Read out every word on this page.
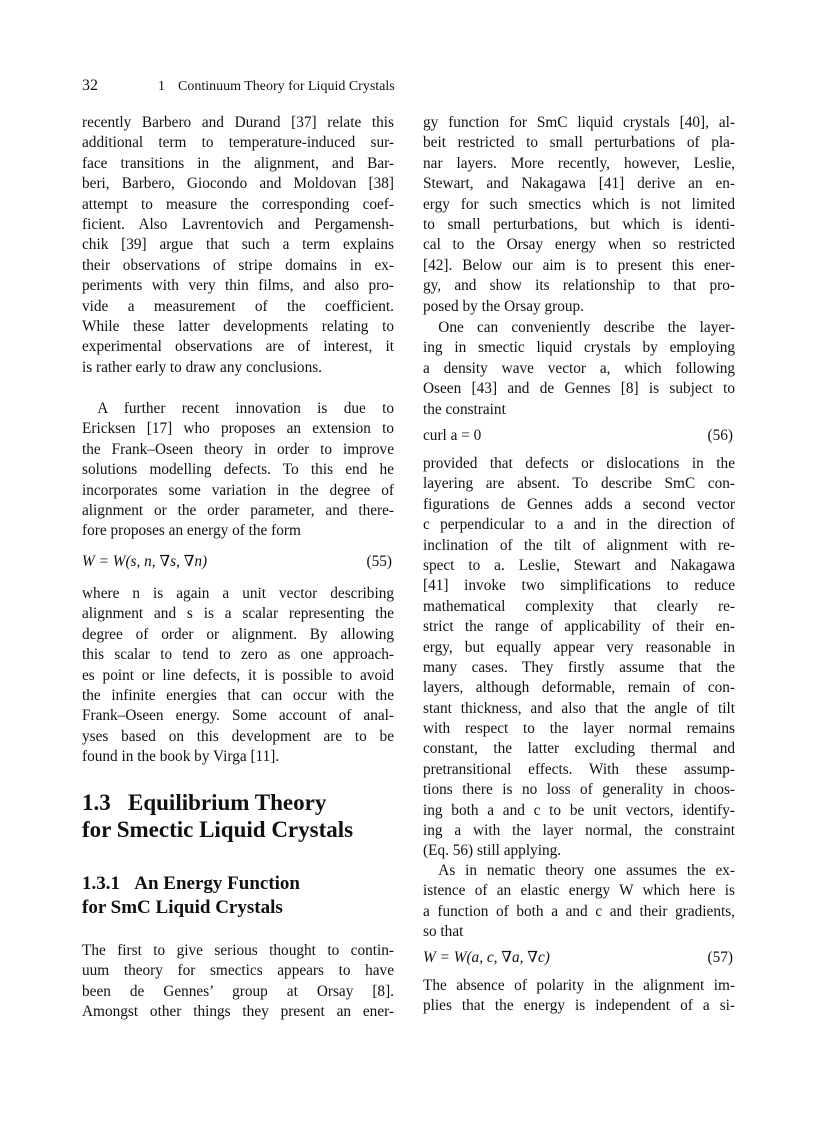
32	1 Continuum Theory for Liquid Crystals
recently Barbero and Durand [37] relate this
additional term to temperature-induced sur-
face transitions in the alignment, and Bar-
beri, Barbero, Giocondo and Moldovan [38]
attempt to measure the corresponding coef-
ficient. Also Lavrentovich and Pergamensh-
chik [39] argue that such a term explains
their observations of stripe domains in ex-
periments with very thin films, and also pro-
vide a measurement of the coefficient.
While these latter developments relating to
experimental observations are of interest, it
is rather early to draw any conclusions.
 A further recent innovation is due to
Ericksen [17] who proposes an extension to
the Frank–Oseen theory in order to improve
solutions modelling defects. To this end he
incorporates some variation in the degree of
alignment or the order parameter, and there-
fore proposes an energy of the form
W = W(s, n, ∇s, ∇n)	(55)
where n is again a unit vector describing
alignment and s is a scalar representing the
degree of order or alignment. By allowing
this scalar to tend to zero as one approach-
es point or line defects, it is possible to avoid
the infinite energies that can occur with the
Frank–Oseen energy. Some account of anal-
yses based on this development are to be
found in the book by Virga [11].
1.3 Equilibrium Theory
for Smectic Liquid Crystals
1.3.1 An Energy Function
for SmC Liquid Crystals
The first to give serious thought to contin-
uum theory for smectics appears to have
been de Gennes’ group at Orsay [8].
Amongst other things they present an ener-
gy function for SmC liquid crystals [40], al-
beit restricted to small perturbations of pla-
nar layers. More recently, however, Leslie,
Stewart, and Nakagawa [41] derive an en-
ergy for such smectics which is not limited
to small perturbations, but which is identi-
cal to the Orsay energy when so restricted
[42]. Below our aim is to present this ener-
gy, and show its relationship to that pro-
posed by the Orsay group.
 One can conveniently describe the layer-
ing in smectic liquid crystals by employing
a density wave vector a, which following
Oseen [43] and de Gennes [8] is subject to
the constraint
curl a = 0	(56)
provided that defects or dislocations in the
layering are absent. To describe SmC con-
figurations de Gennes adds a second vector
c perpendicular to a and in the direction of
inclination of the tilt of alignment with re-
spect to a. Leslie, Stewart and Nakagawa
[41] invoke two simplifications to reduce
mathematical complexity that clearly re-
strict the range of applicability of their en-
ergy, but equally appear very reasonable in
many cases. They firstly assume that the
layers, although deformable, remain of con-
stant thickness, and also that the angle of tilt
with respect to the layer normal remains
constant, the latter excluding thermal and
pretransitional effects. With these assump-
tions there is no loss of generality in choos-
ing both a and c to be unit vectors, identify-
ing a with the layer normal, the constraint
(Eq. 56) still applying.
 As in nematic theory one assumes the ex-
istence of an elastic energy W which here is
a function of both a and c and their gradients,
so that
W = W(a, c, ∇a, ∇c)	(57)
The absence of polarity in the alignment im-
plies that the energy is independent of a si-
